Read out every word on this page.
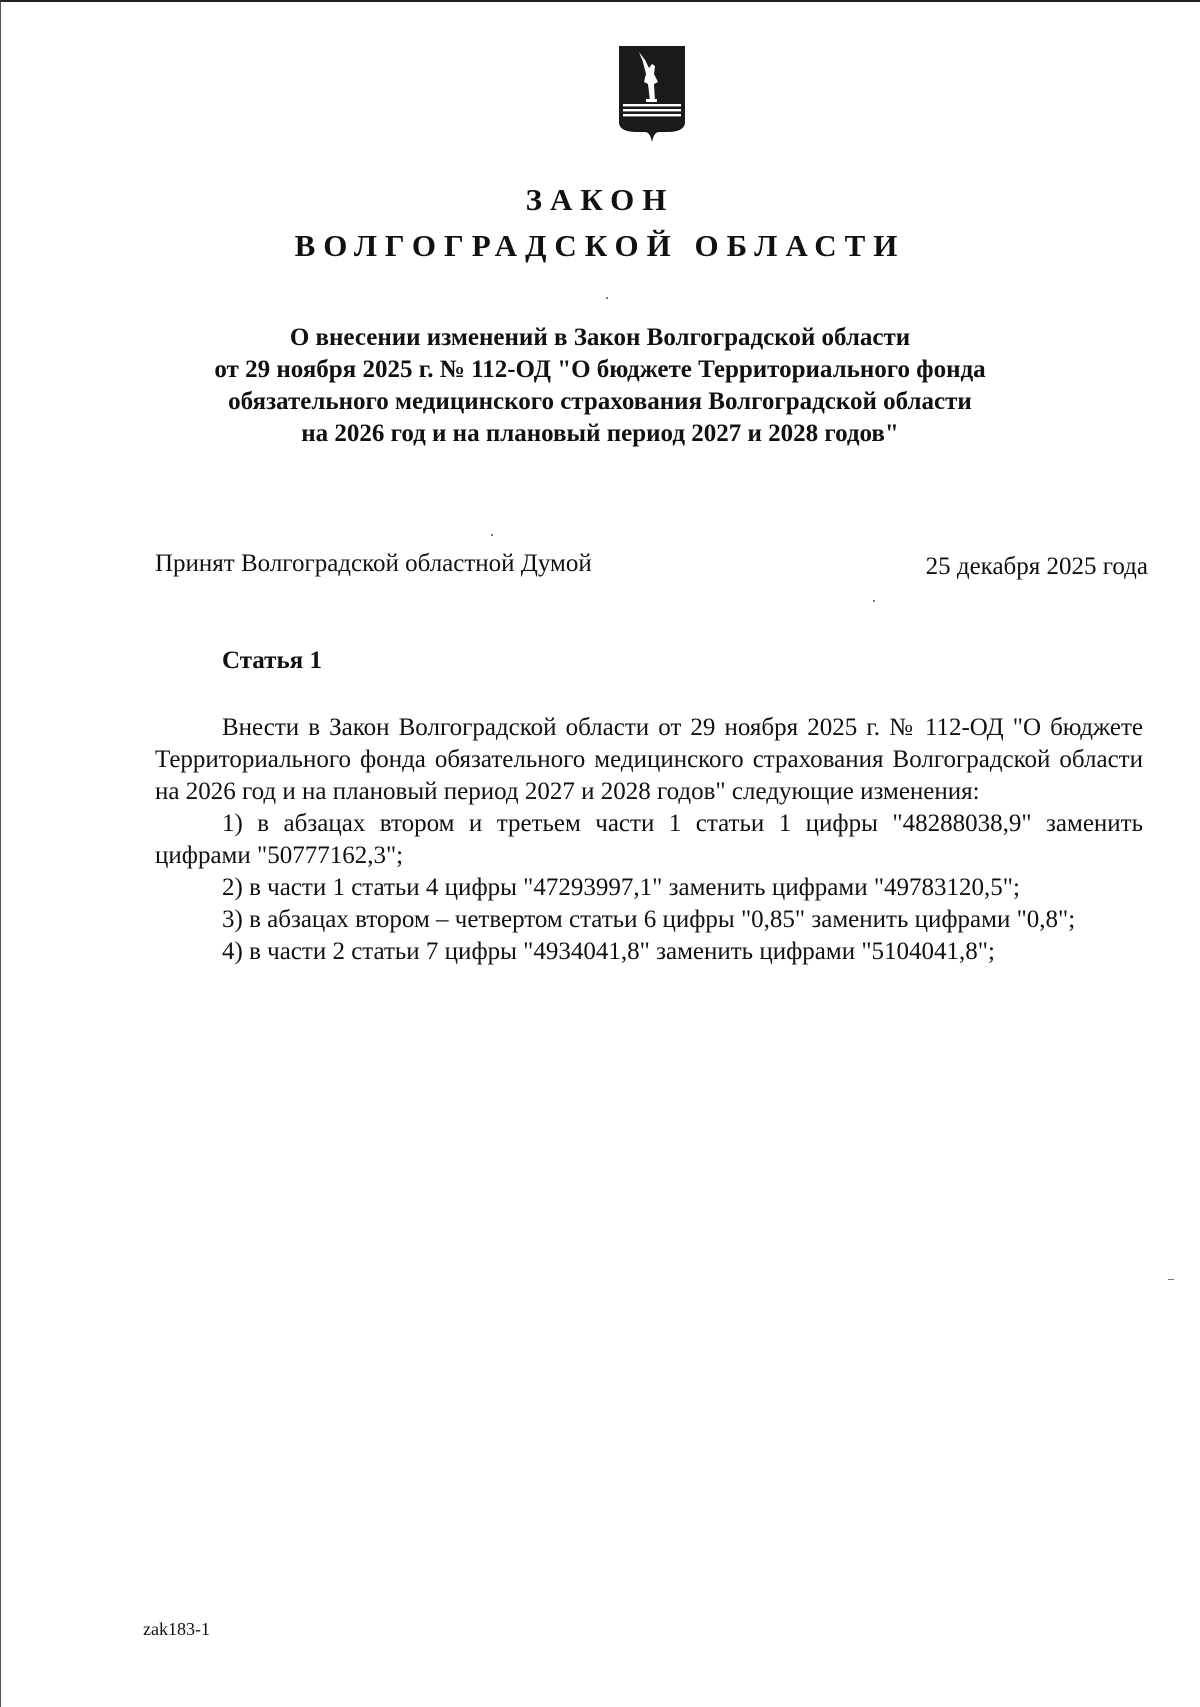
ЗАКОН
ВОЛГОГРАДСКОЙ ОБЛАСТИ
О внесении изменений в Закон Волгоградской области
от 29 ноября 2025 г. № 112-ОД "О бюджете Территориального фонда
обязательного медицинского страхования Волгоградской области
на 2026 год и на плановый период 2027 и 2028 годов"
Принят Волгоградской областной Думой	25 декабря 2025 года
Статья 1

Внести в Закон Волгоградской области от 29 ноября 2025 г. № 112-ОД "О бюджете Территориального фонда обязательного медицинского страхования Волгоградской области на 2026 год и на плановый период 2027 и 2028 годов" следующие изменения:

1) в абзацах втором и третьем части 1 статьи 1 цифры "48288038,9" заменить цифрами "50777162,3";

2) в части 1 статьи 4 цифры "47293997,1" заменить цифрами "49783120,5";

3) в абзацах втором – четвертом статьи 6 цифры "0,85" заменить цифрами "0,8";

4) в части 2 статьи 7 цифры "4934041,8" заменить цифрами "5104041,8";

zak183-1
